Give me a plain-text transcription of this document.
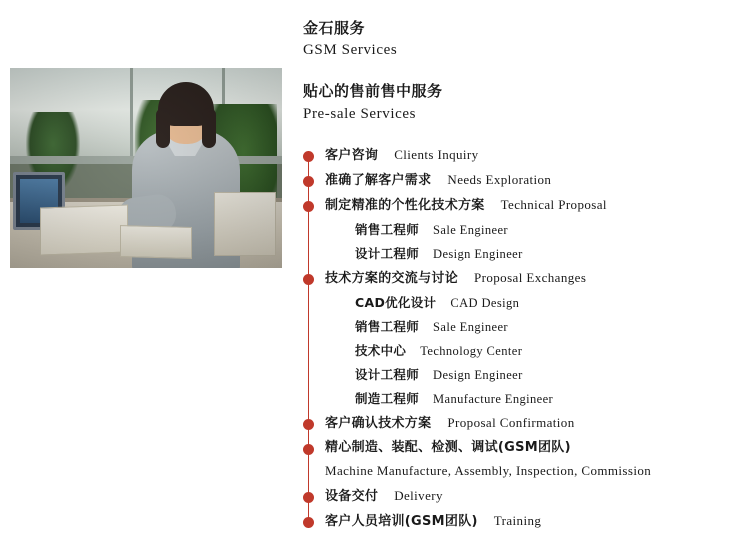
金石服务
GSM Services
贴心的售前售中服务
Pre-sale Services
客户咨询 Clients Inquiry
准确了解客户需求 Needs Exploration
制定精准的个性化技术方案 Technical Proposal
销售工程师 Sale Engineer
设计工程师 Design Engineer
技术方案的交流与讨论 Proposal Exchanges
CAD优化设计 CAD Design
销售工程师 Sale Engineer
技术中心 Technology Center
设计工程师 Design Engineer
制造工程师 Manufacture Engineer
客户确认技术方案 Proposal Confirmation
精心制造、装配、检测、调试(GSM团队)
Machine Manufacture, Assembly, Inspection, Commission
设备交付 Delivery
客户人员培训(GSM团队) Training
